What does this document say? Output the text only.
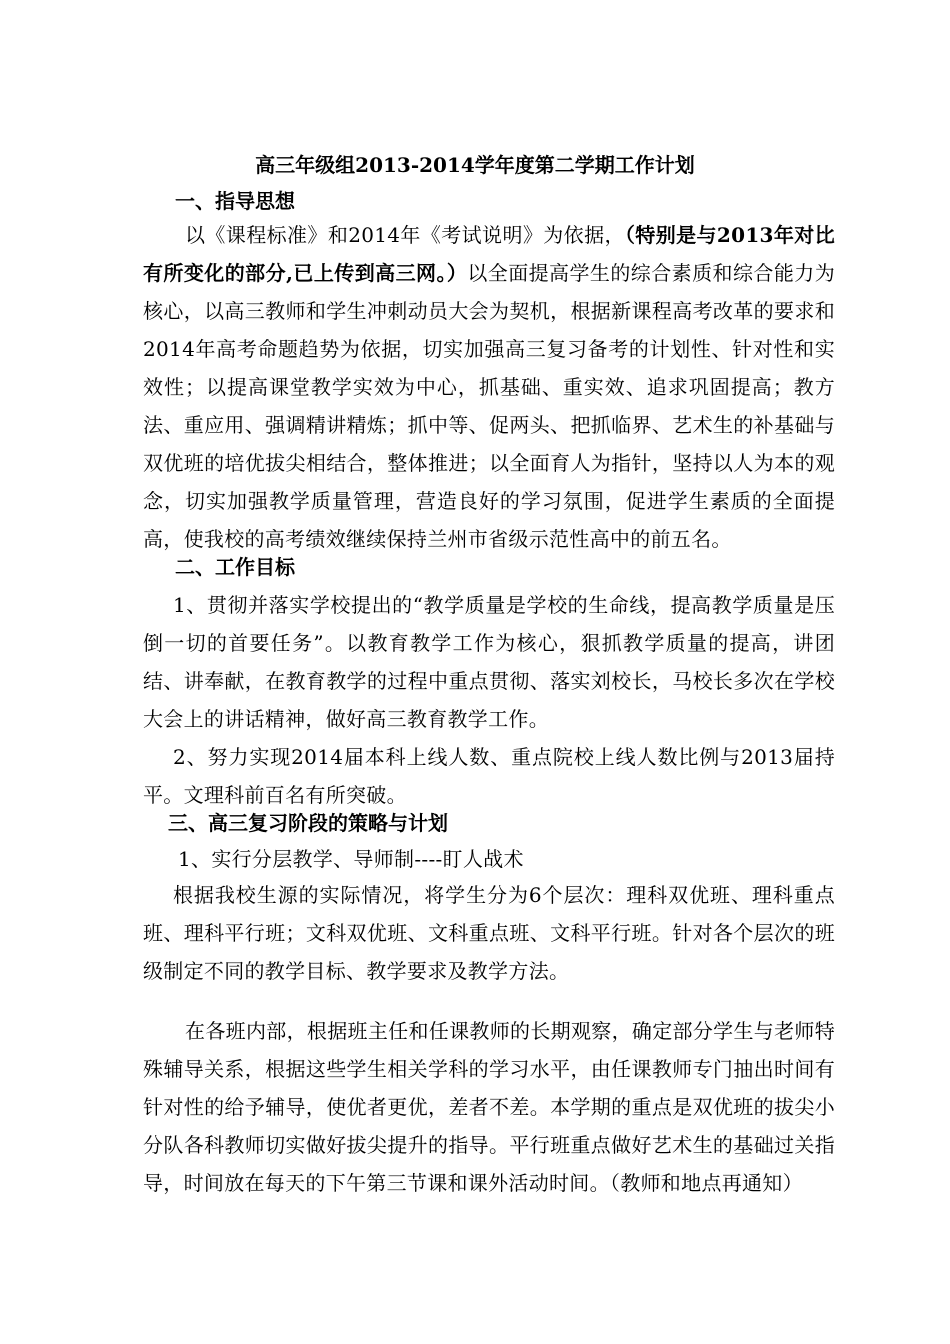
高三年级组2013-2014学年度第二学期工作计划
一、指导思想
以《课程标准》和2014年《考试说明》为依据，（特别是与2013年对比有所变化的部分,已上传到高三网。）以全面提高学生的综合素质和综合能力为核心，以高三教师和学生冲刺动员大会为契机，根据新课程高考改革的要求和2014年高考命题趋势为依据，切实加强高三复习备考的计划性、针对性和实效性；以提高课堂教学实效为中心，抓基础、重实效、追求巩固提高；教方法、重应用、强调精讲精炼；抓中等、促两头、把抓临界、艺术生的补基础与双优班的培优拔尖相结合，整体推进；以全面育人为指针，坚持以人为本的观念，切实加强教学质量管理，营造良好的学习氛围，促进学生素质的全面提高，使我校的高考绩效继续保持兰州市省级示范性高中的前五名。
二、工作目标
1、贯彻并落实学校提出的“教学质量是学校的生命线，提高教学质量是压倒一切的首要任务”。以教育教学工作为核心，狠抓教学质量的提高，讲团结、讲奉献，在教育教学的过程中重点贯彻、落实刘校长，马校长多次在学校大会上的讲话精神，做好高三教育教学工作。
2、努力实现2014届本科上线人数、重点院校上线人数比例与2013届持平。文理科前百名有所突破。
三、高三复习阶段的策略与计划
1、实行分层教学、导师制----盯人战术
根据我校生源的实际情况，将学生分为6个层次：理科双优班、理科重点班、理科平行班；文科双优班、文科重点班、文科平行班。针对各个层次的班级制定不同的教学目标、教学要求及教学方法。
在各班内部，根据班主任和任课教师的长期观察，确定部分学生与老师特殊辅导关系，根据这些学生相关学科的学习水平，由任课教师专门抽出时间有针对性的给予辅导，使优者更优，差者不差。本学期的重点是双优班的拔尖小分队各科教师切实做好拔尖提升的指导。平行班重点做好艺术生的基础过关指导，时间放在每天的下午第三节课和课外活动时间。（教师和地点再通知）
